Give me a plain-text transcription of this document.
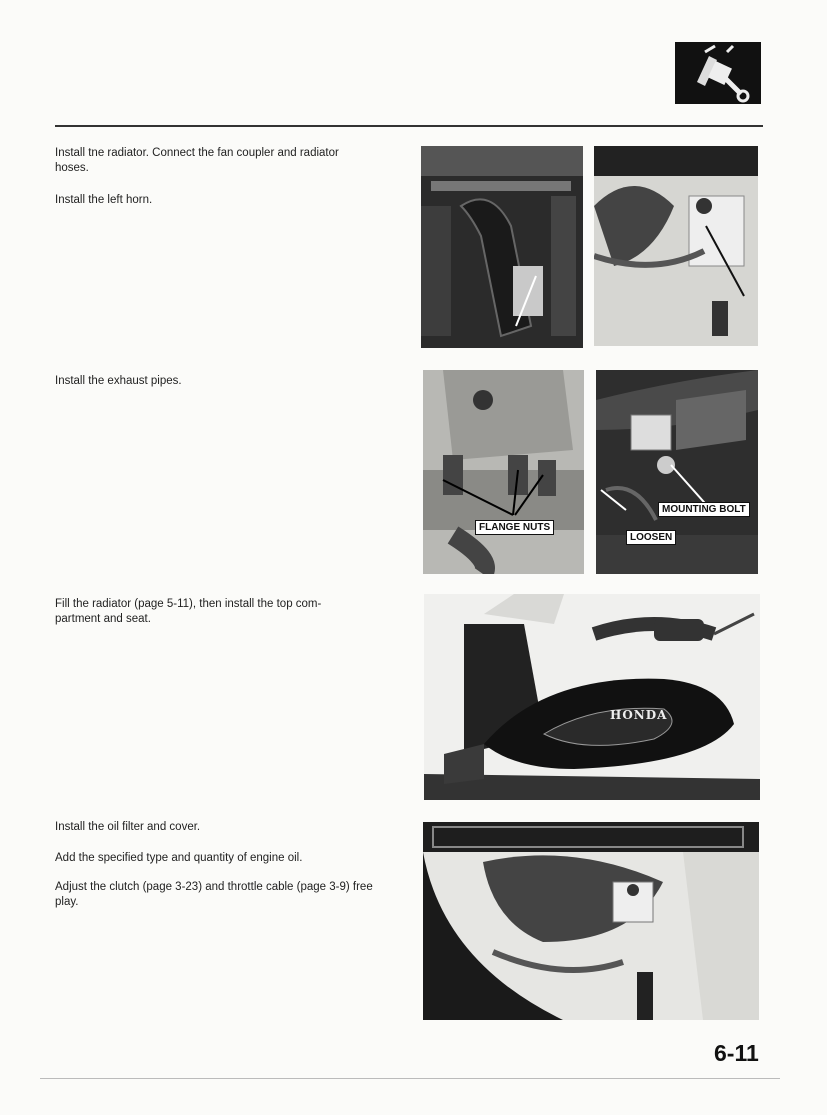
Install tne radiator. Connect the fan coupler and radiator
hoses.
Install the left horn.
Install the exhaust pipes.
Fill the radiator (page 5-11), then install the top com-
partment and seat.
Install the oil filter and cover.
Add the specified type and quantity of engine oil.
Adjust the clutch (page 3-23) and throttle cable (page 3-9) free
play.
FLANGE NUTS
MOUNTING BOLT
LOOSEN
HONDA
6-11
